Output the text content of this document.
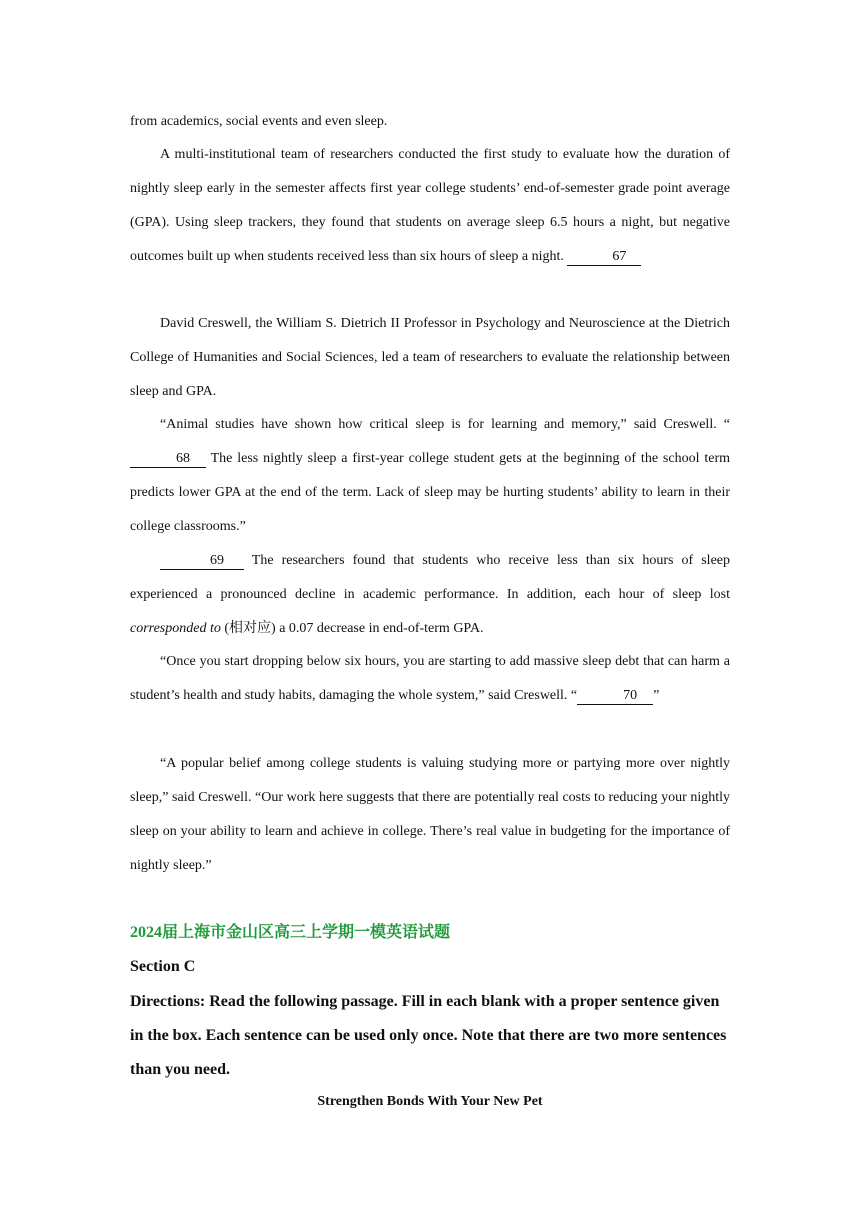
from academics, social events and even sleep.

A multi-institutional team of researchers conducted the first study to evaluate how the duration of nightly sleep early in the semester affects first year college students’ end-of-semester grade point average (GPA). Using sleep trackers, they found that students on average sleep 6.5 hours a night, but negative outcomes built up when students received less than six hours of sleep a night.	67

David Creswell, the William S. Dietrich II Professor in Psychology and Neuroscience at the Dietrich College of Humanities and Social Sciences, led a team of researchers to evaluate the relationship between sleep and GPA.

“Animal studies have shown how critical sleep is for learning and memory,” said Creswell. “68 The less nightly sleep a first-year college student gets at the beginning of the school term predicts lower GPA at the end of the term. Lack of sleep may be hurting students’ ability to learn in their college classrooms.”

69 The researchers found that students who receive less than six hours of sleep experienced a pronounced decline in academic performance. In addition, each hour of sleep lost corresponded to (相对应) a 0.07 decrease in end-of-term GPA.

“Once you start dropping below six hours, you are starting to add massive sleep debt that can harm a student’s health and study habits, damaging the whole system,” said Creswell. “	70 ”

“A popular belief among college students is valuing studying more or partying more over nightly sleep,” said Creswell. “Our work here suggests that there are potentially real costs to reducing your nightly sleep on your ability to learn and achieve in college. There’s real value in budgeting for the importance of nightly sleep.”

2024届上海市金山区高三上学期一模英语试题

Section C

Directions: Read the following passage. Fill in each blank with a proper sentence given in the box. Each sentence can be used only once. Note that there are two more sentences than you need.

Strengthen Bonds With Your New Pet
